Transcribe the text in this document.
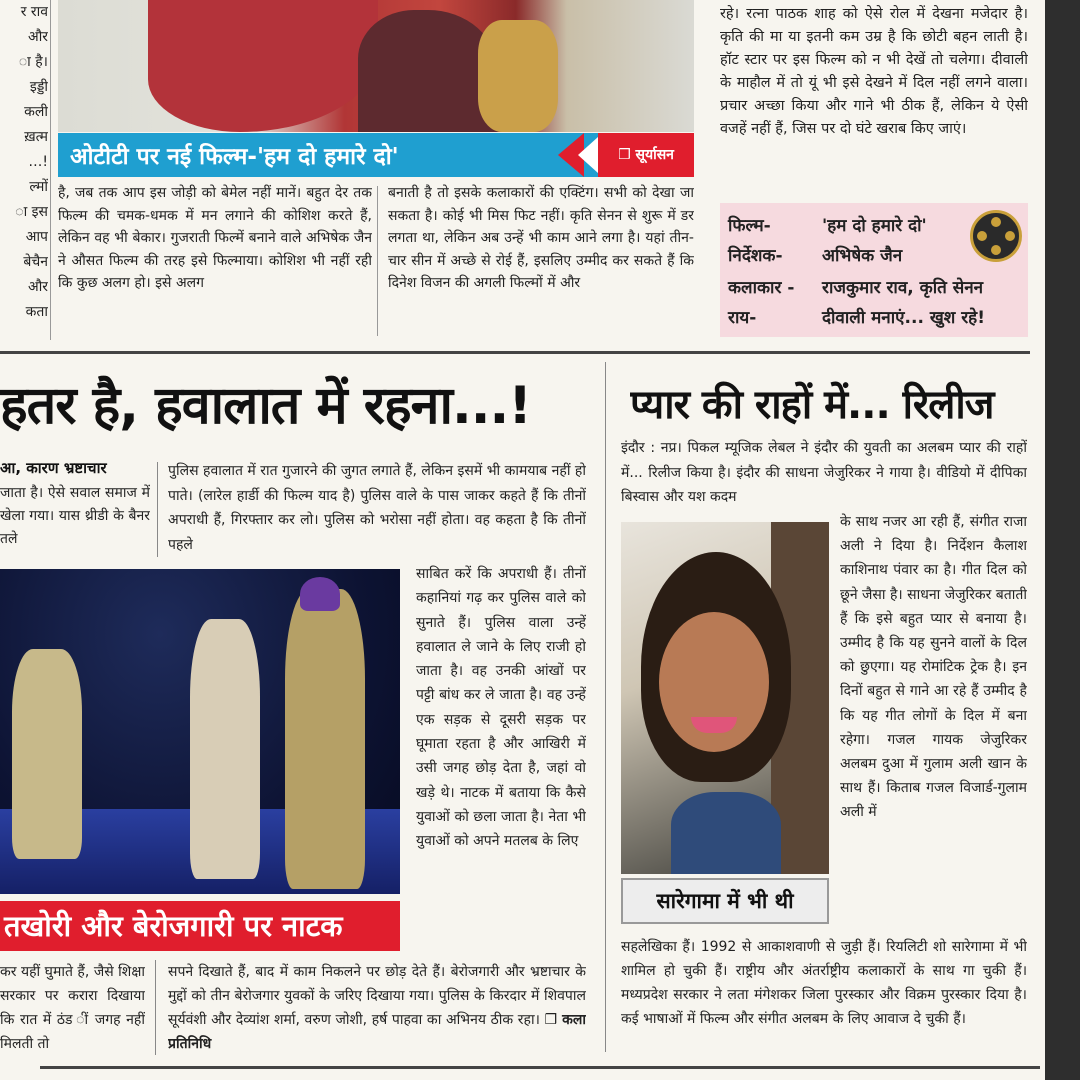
र राव
और
ा है।
इड्डी
कली
ख़त्म
…!
ल्मों
ा इस
आप
बेचैन
और
कता
ओटीटी पर नई फिल्म-'हम दो हमारे दो'	❒ सूर्यासन
है, जब तक आप इस जोड़ी को बेमेल नहीं मानें। बहुत देर तक फिल्म की चमक-धमक में मन लगाने की कोशिश करते हैं, लेकिन वह भी बेकार। गुजराती फिल्में बनाने वाले अभिषेक जैन ने औसत फिल्म की तरह इसे फिल्माया। कोशिश भी नहीं रही कि कुछ अलग हो। इसे अलग
बनाती है तो इसके कलाकारों की एक्टिंग। सभी को देखा जा सकता है। कोई भी मिस फिट नहीं। कृति सेनन से शुरू में डर लगता था, लेकिन अब उन्हें भी काम आने लगा है। यहां तीन-चार सीन में अच्छे से रोई हैं, इसलिए उम्मीद कर सकते हैं कि दिनेश विजन की अगली फिल्मों में और
रहे। रत्ना पाठक शाह को ऐसे रोल में देखना मजेदार है। कृति की मा या इतनी कम उम्र है कि छोटी बहन लाती है। हॉट स्टार पर इस फिल्म को न भी देखें तो चलेगा। दीवाली के माहौल में तो यूं भी इसे देखने में दिल नहीं लगने वाला। प्रचार अच्छा किया और गाने भी ठीक हैं, लेकिन ये ऐसी वजहें नहीं हैं, जिस पर दो घंटे खराब किए जाएं।
फिल्म-	'हम दो हमारे दो'
निर्देशक- अभिषेक जैन
कलाकार - राजकुमार राव, कृति सेनन
राय-	दीवाली मनाएं... खुश रहे!
हतर है, हवालात में रहना...!
आ, कारण भ्रष्टाचार
जाता है। ऐसे सवाल समाज में खेला गया। यास थ्रीडी के बैनर तले
पुलिस हवालात में रात गुजारने की जुगत लगाते हैं, लेकिन इसमें भी कामयाब नहीं हो पाते। (लारेल हार्डी की फिल्म याद है) पुलिस वाले के पास जाकर कहते हैं कि तीनों अपराधी हैं, गिरफ्तार कर लो। पुलिस को भरोसा नहीं होता। वह कहता है कि तीनों पहले
तखोरी और बेरोजगारी पर नाटक
साबित करें कि अपराधी हैं। तीनों कहानियां गढ़ कर पुलिस वाले को सुनाते हैं। पुलिस वाला उन्हें हवालात ले जाने के लिए राजी हो जाता है। वह उनकी आंखों पर पट्टी बांध कर ले जाता है। वह उन्हें एक सड़क से दूसरी सड़क पर घूमाता रहता है और आखिरी में उसी जगह छोड़ देता है, जहां वो खड़े थे। नाटक में बताया कि कैसे युवाओं को छला जाता है। नेता भी युवाओं को अपने मतलब के लिए
कर यहीं घुमाते हैं, जैसे शिक्षा सरकार पर करारा दिखाया कि रात में ठंड ीं जगह नहीं मिलती तो
सपने दिखाते हैं, बाद में काम निकलने पर छोड़ देते हैं। बेरोजगारी और भ्रष्टाचार के मुद्दों को तीन बेरोजगार युवकों के जरिए दिखाया गया। पुलिस के किरदार में शिवपाल सूर्यवंशी और देव्यांश शर्मा, वरुण जोशी, हर्ष पाहवा का अभिनय ठीक रहा। ❒ कला प्रतिनिधि
प्यार की राहों में... रिलीज
इंदौर : नप्र। पिकल म्यूजिक लेबल ने इंदौर की युवती का अलबम प्यार की राहों में... रिलीज किया है। इंदौर की साधना जेजुरिकर ने गाया है। वीडियो में दीपिका बिस्वास और यश कदम
सारेगामा में भी थी
के साथ नजर आ रही हैं, संगीत राजा अली ने दिया है। निर्देशन कैलाश काशिनाथ पंवार का है। गीत दिल को छूने जैसा है। साधना जेजुरिकर बताती हैं कि इसे बहुत प्यार से बनाया है। उम्मीद है कि यह सुनने वालों के दिल को छुएगा। यह रोमांटिक ट्रेक है। इन दिनों बहुत से गाने आ रहे हैं उम्मीद है कि यह गीत लोगों के दिल में बना रहेगा। गजल गायक जेजुरिकर अलबम दुआ में गुलाम अली खान के साथ हैं। किताब गजल विजार्ड-गुलाम अली में
सहलेखिका हैं। 1992 से आकाशवाणी से जुड़ी हैं। रियलिटी शो सारेगामा में भी शामिल हो चुकी हैं। राष्ट्रीय और अंतर्राष्ट्रीय कलाकारों के साथ गा चुकी हैं। मध्यप्रदेश सरकार ने लता मंगेशकर जिला पुरस्कार और विक्रम पुरस्कार दिया है। कई भाषाओं में फिल्म और संगीत अलबम के लिए आवाज दे चुकी हैं।
